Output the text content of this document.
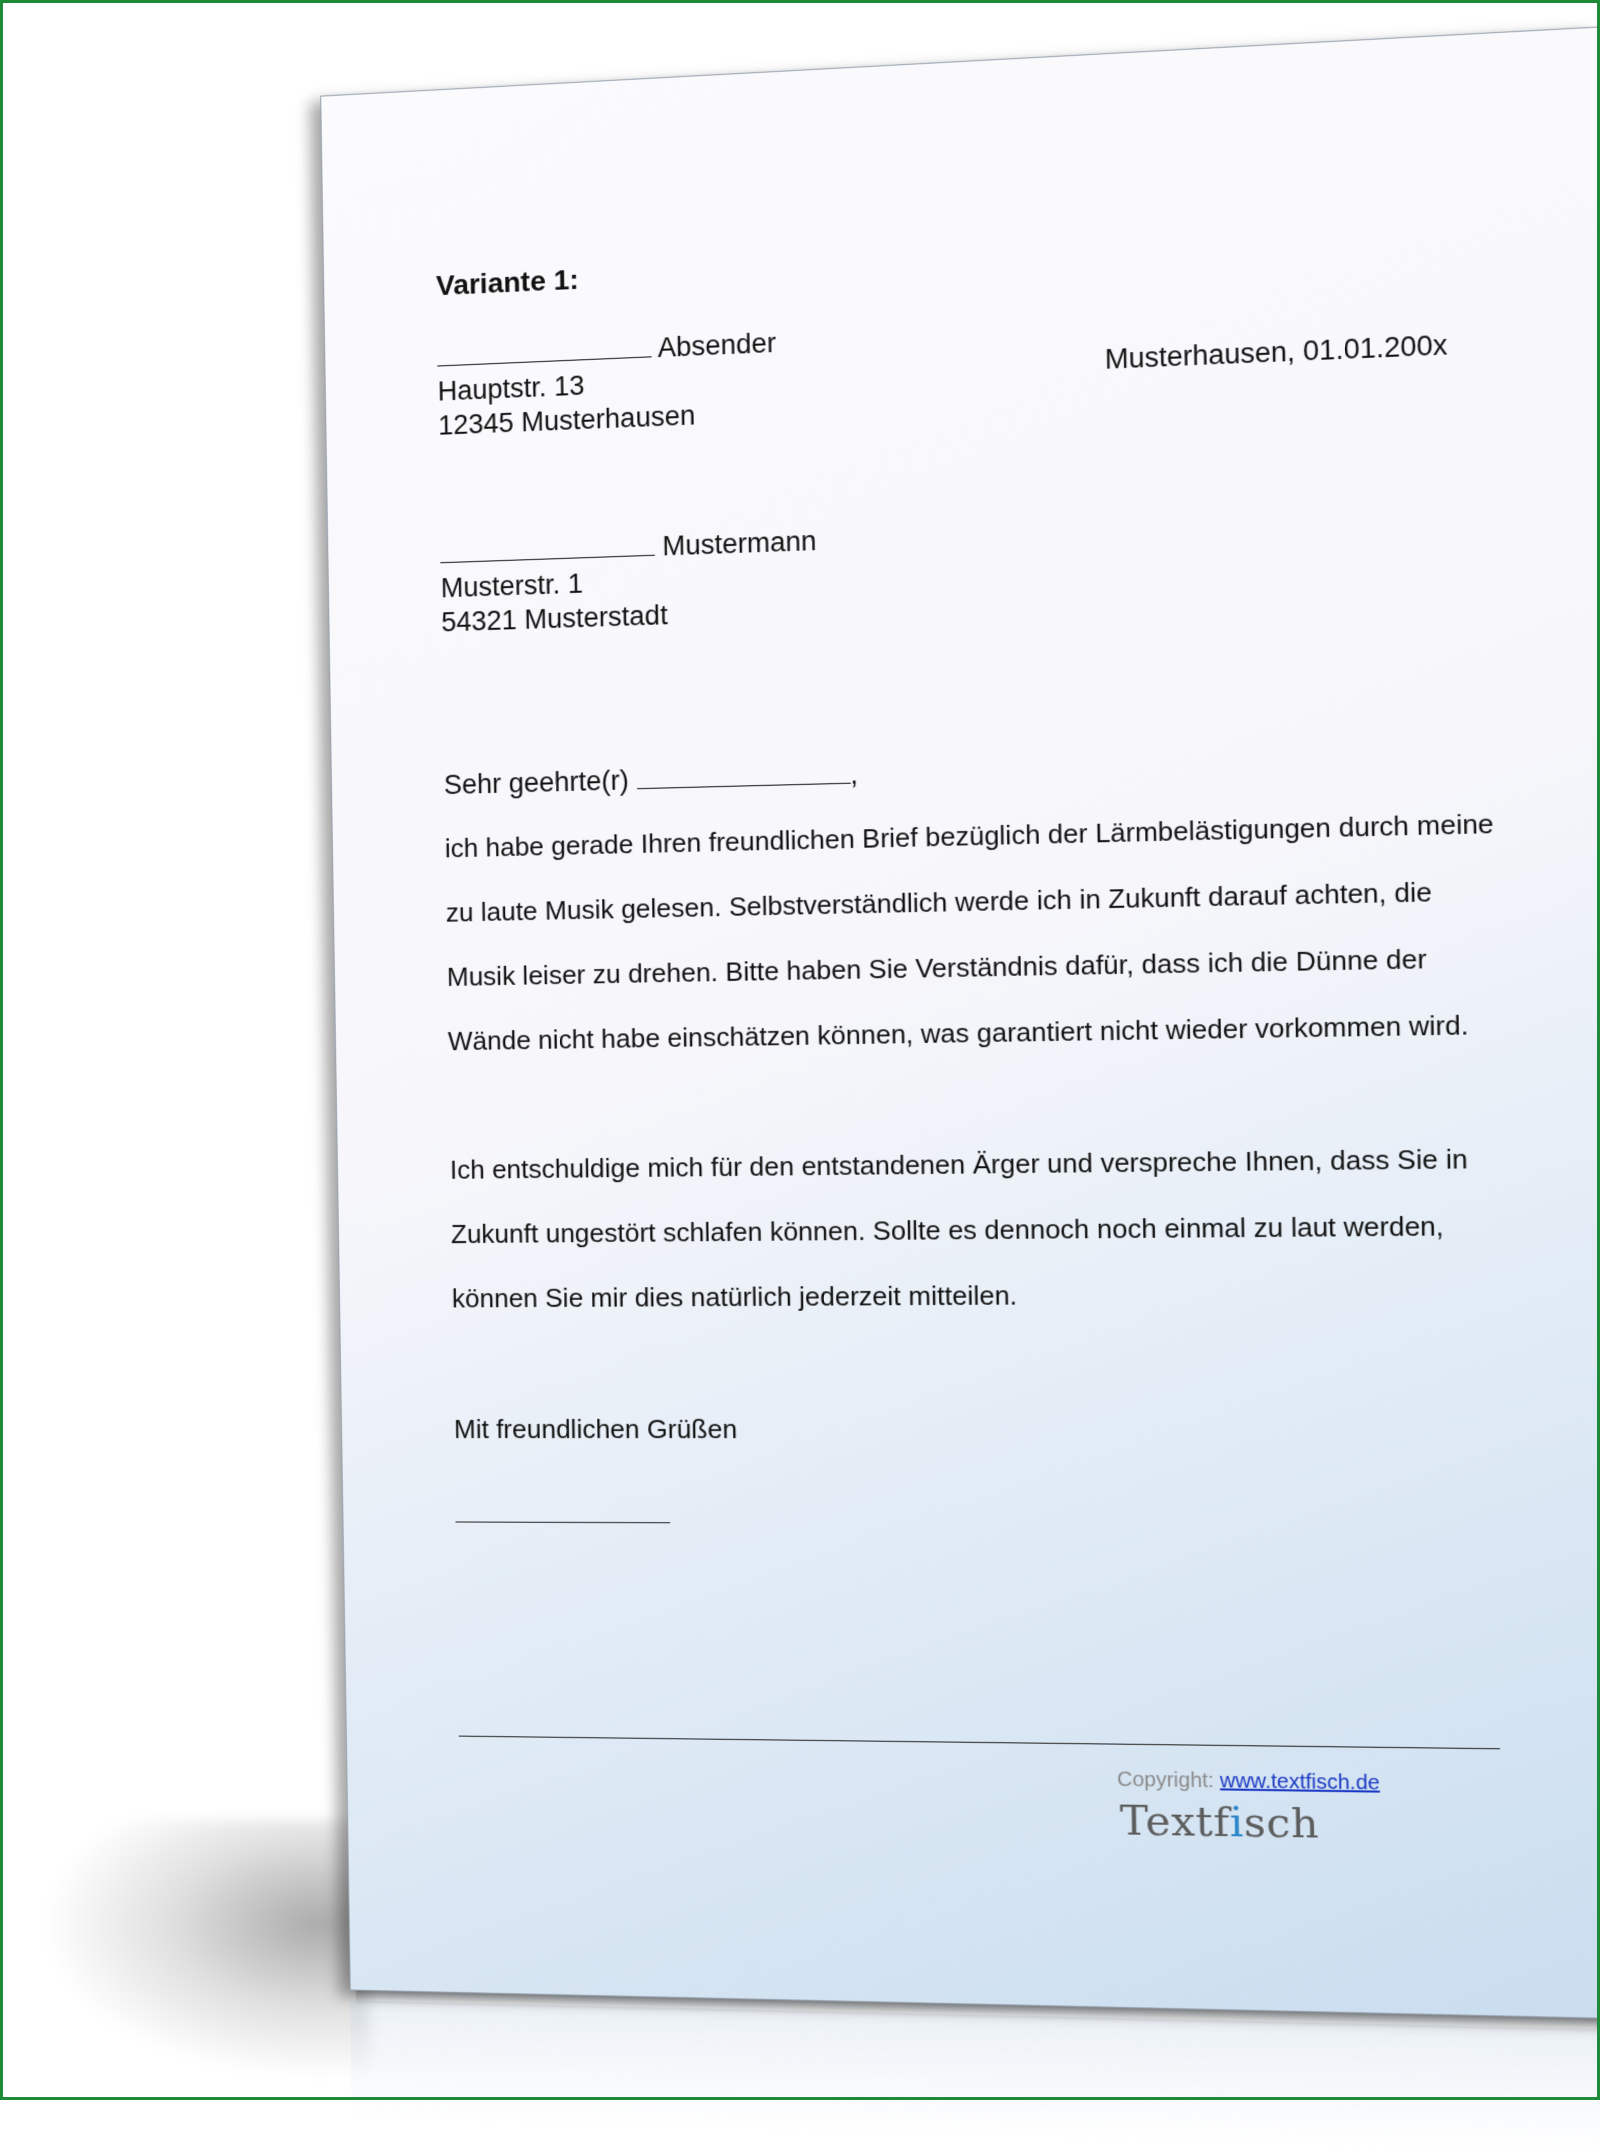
Variante 1:
Absender
Hauptstr. 13
12345 Musterhausen
Musterhausen, 01.01.200x
Mustermann
Musterstr. 1
54321 Musterstadt
Sehr geehrte(r)	,
ich habe gerade Ihren freundlichen Brief bezüglich der Lärmbelästigungen durch meine
zu laute Musik gelesen. Selbstverständlich werde ich in Zukunft darauf achten, die
Musik leiser zu drehen. Bitte haben Sie Verständnis dafür, dass ich die Dünne der
Wände nicht habe einschätzen können, was garantiert nicht wieder vorkommen wird.
Ich entschuldige mich für den entstandenen Ärger und verspreche Ihnen, dass Sie in
Zukunft ungestört schlafen können. Sollte es dennoch noch einmal zu laut werden,
können Sie mir dies natürlich jederzeit mitteilen.
Mit freundlichen Grüßen
Copyright: www.textfisch.de
Textfisch
